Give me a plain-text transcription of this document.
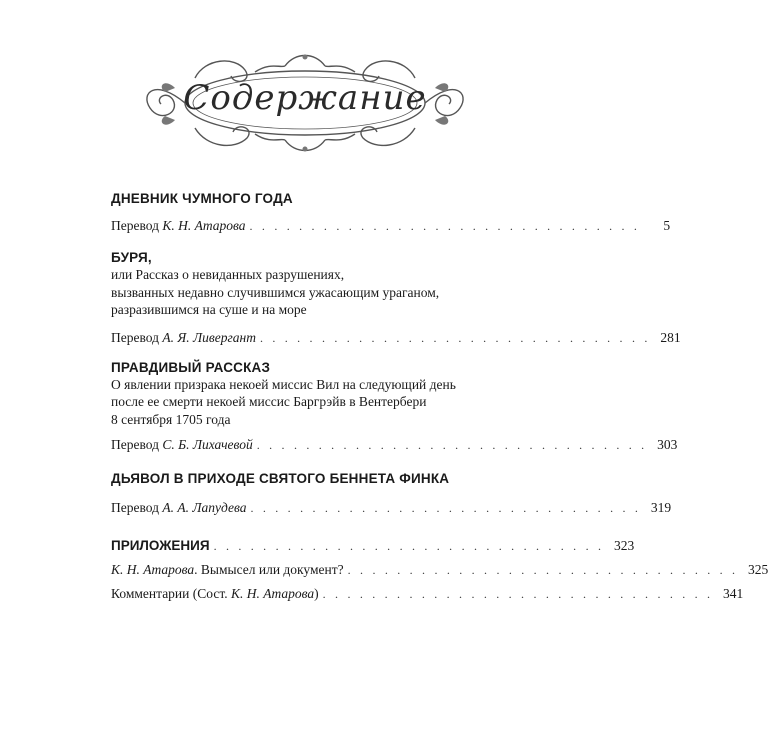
Содержание

ДНЕВНИК ЧУМНОГО ГОДА

Перевод К. Н. Атарова . . . . . . . . . . . . . . . . . . . . . . . . . . . . . . . .	5

БУРЯ,

или Рассказ о невиданных разрушениях,

вызванных недавно случившимся ужасающим ураганом,

разразившимся на суше и на море

Перевод А. Я. Ливергант . . . . . . . . . . . . . . . . . . . . . . . . . . . . . . . . 281

ПРАВДИВЫЙ РАССКАЗ

О явлении призрака некоей миссис Вил на следующий день

после ее смерти некоей миссис Баргрэйв в Вентербери

8 сентября 1705 года

Перевод С. Б. Лихачевой . . . . . . . . . . . . . . . . . . . . . . . . . . . . . . . . 303

ДЬЯВОЛ В ПРИХОДЕ СВЯТОГО БЕННЕТА ФИНКА

Перевод А. А. Лапудева . . . . . . . . . . . . . . . . . . . . . . . . . . . . . . . . 319
ПРИЛОЖЕНИЯ . . . . . . . . . . . . . . . . . . . . . . . . . . . . . . . . 323
К. Н. Атарова. Вымысел или документ? . . . . . . . . . . . . . . . . . . . . . . . . . . . . . . . . 325
Комментарии (Сост. К. Н. Атарова) . . . . . . . . . . . . . . . . . . . . . . . . . . . . . . . . 341
